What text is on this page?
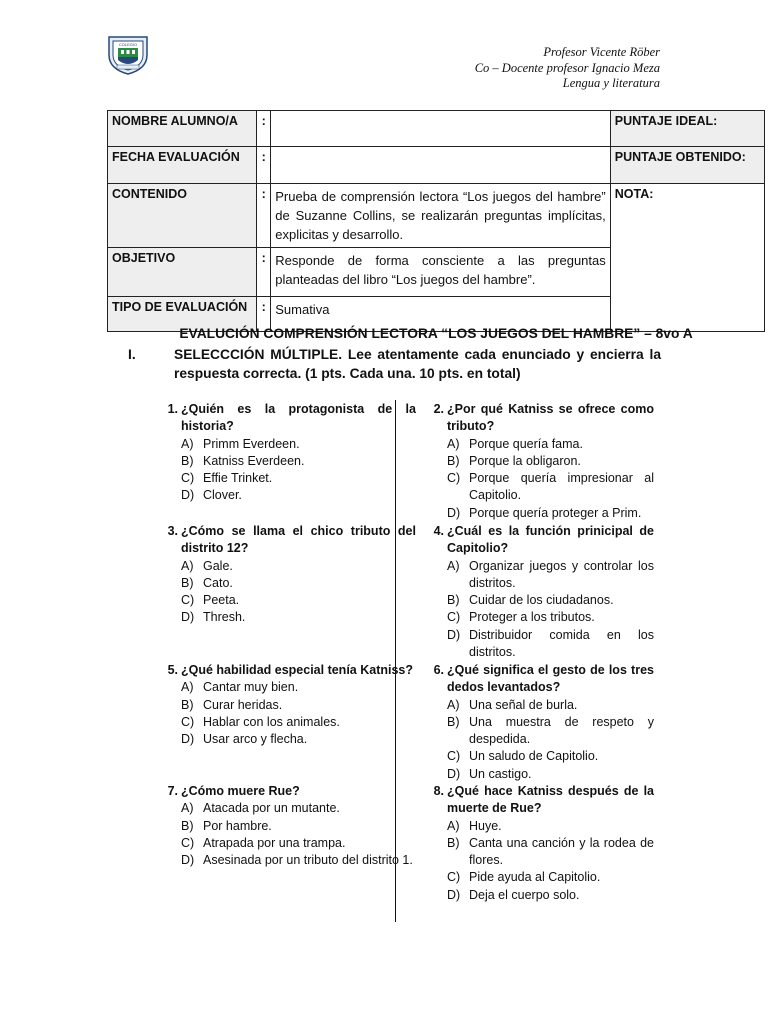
COLEGIO
Profesor Vicente Röber
Co – Docente profesor Ignacio Meza
Lengua y literatura
NOMBRE ALUMNO/A	:		PUNTAJE IDEAL:
FECHA EVALUACIÓN	:		PUNTAJE OBTENIDO:
CONTENIDO	:	Prueba de comprensión lectora “Los juegos del hambre” de Suzanne Collins, se realizarán preguntas implícitas, explicitas y desarrollo.	NOTA:
OBJETIVO	:	Responde de forma consciente a las preguntas planteadas del libro “Los juegos del hambre”.	
TIPO DE EVALUACIÓN	:	Sumativa	
EVALUCIÓN COMPRENSIÓN LECTORA “LOS JUEGOS DEL HAMBRE” – 8vo A
I.	SELECCCIÓN MÚLTIPLE. Lee atentamente cada enunciado y encierra la respuesta correcta. (1 pts. Cada una. 10 pts. en total)
1. ¿Quién es la protagonista de la historia?
A) Primm Everdeen.
B) Katniss Everdeen.
C) Effie Trinket.
D) Clover.
2. ¿Por qué Katniss se ofrece como tributo?
A) Porque quería fama.
B) Porque la obligaron.
C) Porque quería impresionar al Capitolio.
D) Porque quería proteger a Prim.
3. ¿Cómo se llama el chico tributo del distrito 12?
A) Gale.
B) Cato.
C) Peeta.
D) Thresh.
4. ¿Cuál es la función prinicipal de Capitolio?
A) Organizar juegos y controlar los distritos.
B) Cuidar de los ciudadanos.
C) Proteger a los tributos.
D) Distribuidor comida en los distritos.
5. ¿Qué habilidad especial tenía Katniss?
A) Cantar muy bien.
B) Curar heridas.
C) Hablar con los animales.
D) Usar arco y flecha.
6. ¿Qué significa el gesto de los tres dedos levantados?
A) Una señal de burla.
B) Una muestra de respeto y despedida.
C) Un saludo de Capitolio.
D) Un castigo.
7. ¿Cómo muere Rue?
A) Atacada por un mutante.
B) Por hambre.
C) Atrapada por una trampa.
D) Asesinada por un tributo del distrito 1.
8. ¿Qué hace Katniss después de la muerte de Rue?
A) Huye.
B) Canta una canción y la rodea de flores.
C) Pide ayuda al Capitolio.
D) Deja el cuerpo solo.
